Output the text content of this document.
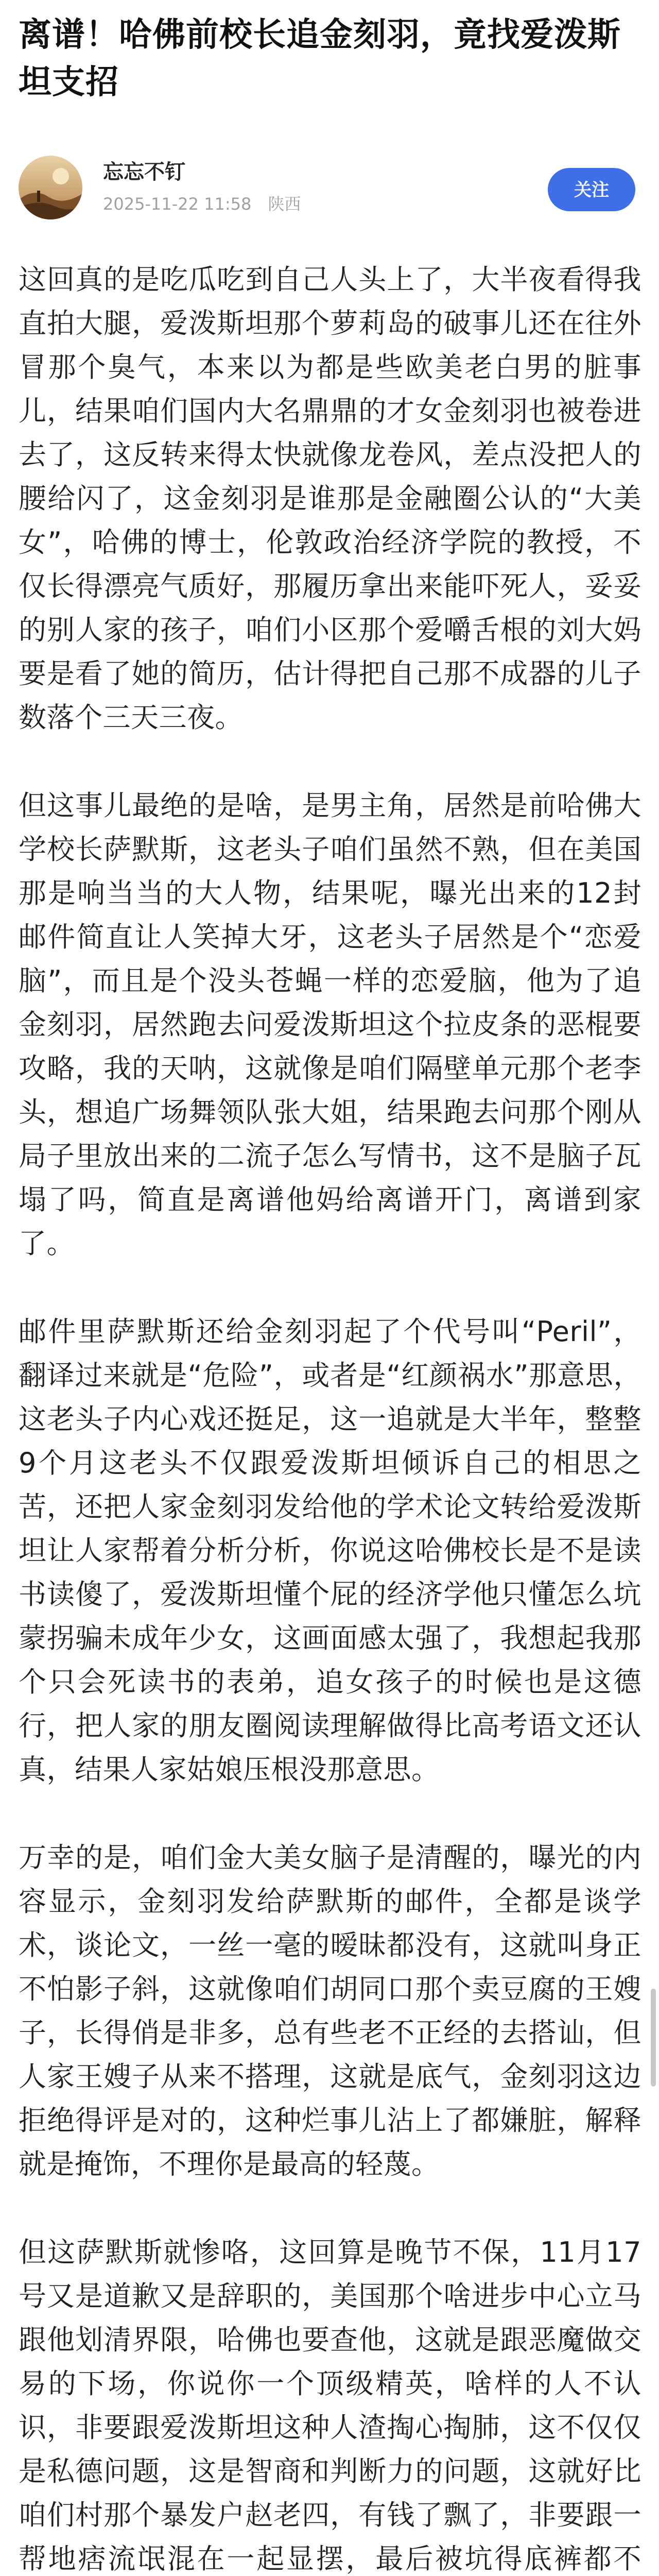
离谱！哈佛前校长追金刻羽，竟找爱泼斯坦支招
忘忘不钉
2025-11-22 11:58 陕西
关注

这回真的是吃瓜吃到自己人头上了，大半夜看得我直拍大腿，爱泼斯坦那个萝莉岛的破事儿还在往外冒那个臭气，本来以为都是些欧美老白男的脏事儿，结果咱们国内大名鼎鼎的才女金刻羽也被卷进去了，这反转来得太快就像龙卷风，差点没把人的腰给闪了，这金刻羽是谁那是金融圈公认的“大美女”，哈佛的博士，伦敦政治经济学院的教授，不仅长得漂亮气质好，那履历拿出来能吓死人，妥妥的别人家的孩子，咱们小区那个爱嚼舌根的刘大妈要是看了她的简历，估计得把自己那不成器的儿子数落个三天三夜。

但这事儿最绝的是啥，是男主角，居然是前哈佛大学校长萨默斯，这老头子咱们虽然不熟，但在美国那是响当当的大人物，结果呢，曝光出来的12封邮件简直让人笑掉大牙，这老头子居然是个“恋爱脑”，而且是个没头苍蝇一样的恋爱脑，他为了追金刻羽，居然跑去问爱泼斯坦这个拉皮条的恶棍要攻略，我的天呐，这就像是咱们隔壁单元那个老李头，想追广场舞领队张大姐，结果跑去问那个刚从局子里放出来的二流子怎么写情书，这不是脑子瓦塌了吗，简直是离谱他妈给离谱开门，离谱到家了。

邮件里萨默斯还给金刻羽起了个代号叫“Peril”，翻译过来就是“危险”，或者是“红颜祸水”那意思，这老头子内心戏还挺足，这一追就是大半年，整整9个月这老头不仅跟爱泼斯坦倾诉自己的相思之苦，还把人家金刻羽发给他的学术论文转给爱泼斯坦让人家帮着分析分析，你说这哈佛校长是不是读书读傻了，爱泼斯坦懂个屁的经济学他只懂怎么坑蒙拐骗未成年少女，这画面感太强了，我想起我那个只会死读书的表弟，追女孩子的时候也是这德行，把人家的朋友圈阅读理解做得比高考语文还认真，结果人家姑娘压根没那意思。

万幸的是，咱们金大美女脑子是清醒的，曝光的内容显示，金刻羽发给萨默斯的邮件，全都是谈学术，谈论文，一丝一毫的暧昧都没有，这就叫身正不怕影子斜，这就像咱们胡同口那个卖豆腐的王嫂子，长得俏是非多，总有些老不正经的去搭讪，但人家王嫂子从来不搭理，这就是底气，金刻羽这边拒绝得评是对的，这种烂事儿沾上了都嫌脏，解释就是掩饰，不理你是最高的轻蔑。

但这萨默斯就惨咯，这回算是晚节不保，11月17号又是道歉又是辞职的，美国那个啥进步中心立马跟他划清界限，哈佛也要查他，这就是跟恶魔做交易的下场，你说你一个顶级精英，啥样的人不认识，非要跟爱泼斯坦这种人渣掏心掏肺，这不仅仅是私德问题，这是智商和判断力的问题，这就好比咱们村那个暴发户赵老四，有钱了飘了，非要跟一帮地痞流氓混在一起显摆，最后被坑得底裤都不
